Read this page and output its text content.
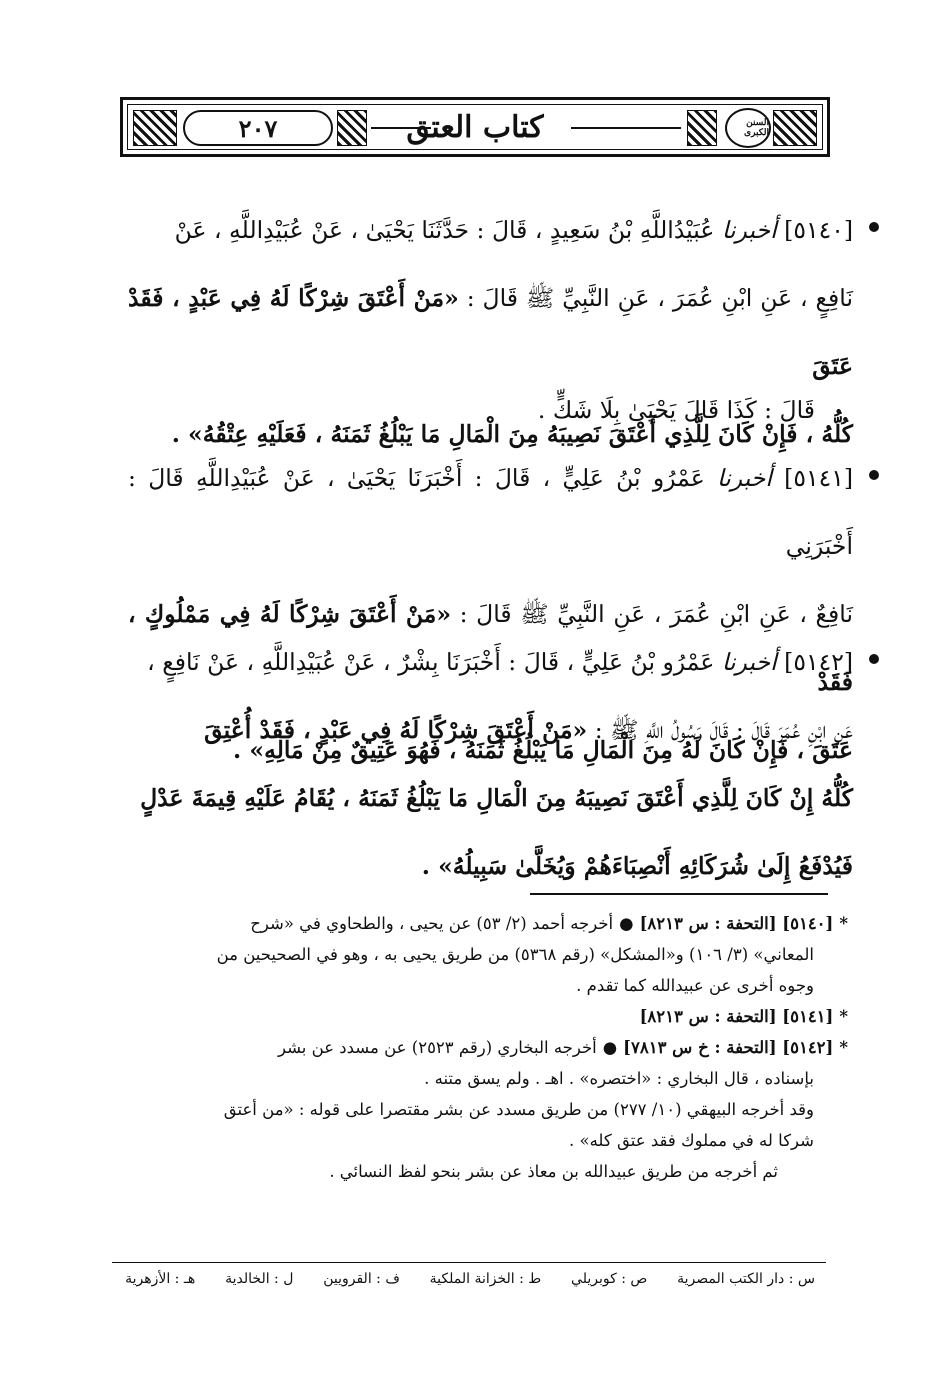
٢٠٧	كتاب العتق	السنن الكبرى
[٥١٤٠] أخبرنا عُبَيْدُاللَّهِ بْنُ سَعِيدٍ ، قَالَ : حَدَّثَنَا يَحْيَىٰ ، عَنْ عُبَيْدِاللَّهِ ، عَنْ
نَافِعٍ ، عَنِ ابْنِ عُمَرَ ، عَنِ النَّبِيِّ ﷺ قَالَ : «مَنْ أَعْتَقَ شِرْكًا لَهُ فِي عَبْدٍ ، فَقَدْ عَتَقَ
كُلُّهُ ، فَإِنْ كَانَ لِلَّذِي أَعْتَقَ نَصِيبَهُ مِنَ الْمَالِ مَا يَبْلُغُ ثَمَنَهُ ، فَعَلَيْهِ عِتْقُهُ» .
قَالَ : كَذَا قَالَ يَحْيَىٰ بِلَا شَكٍّ .
[٥١٤١] أخبرنا عَمْرُو بْنُ عَلِيٍّ ، قَالَ : أَخْبَرَنَا يَحْيَىٰ ، عَنْ عُبَيْدِاللَّهِ قَالَ : أَخْبَرَنِي
نَافِعٌ ، عَنِ ابْنِ عُمَرَ ، عَنِ النَّبِيِّ ﷺ قَالَ : «مَنْ أَعْتَقَ شِرْكًا لَهُ فِي مَمْلُوكٍ ، فَقَدْ
عَتَقَ ، فَإِنْ كَانَ لَهُ مِنَ الْمَالِ مَا يَبْلُغُ ثَمَنَهُ ، فَهُوَ عَتِيقٌ مِنْ مَالِهِ» .
[٥١٤٢] أخبرنا عَمْرُو بْنُ عَلِيٍّ ، قَالَ : أَخْبَرَنَا بِشْرٌ ، عَنْ عُبَيْدِاللَّهِ ، عَنْ نَافِعٍ ،
عَنِ ابْنِ عُمَرَ قَالَ : قَالَ رَسُولُ اللَّهِ ﷺ : «مَنْ أَعْتَقَ شِرْكًا لَهُ فِي عَبْدٍ ، فَقَدْ أُعْتِقَ
كُلُّهُ إِنْ كَانَ لِلَّذِي أَعْتَقَ نَصِيبَهُ مِنَ الْمَالِ مَا يَبْلُغُ ثَمَنَهُ ، يُقَامُ عَلَيْهِ قِيمَةَ عَدْلٍ
فَيُدْفَعُ إِلَىٰ شُرَكَائِهِ أَنْصِبَاءَهُمْ وَيُخَلَّىٰ سَبِيلُهُ» .
*[٥١٤٠] [التحفة : س ٨٢١٣]●أخرجه أحمد (٢/ ٥٣) عن يحيى ، والطحاوي في «شرح
المعاني» (٣/ ١٠٦) و«المشكل» (رقم ٥٣٦٨) من طريق يحيى به ، وهو في الصحيحين من
وجوه أخرى عن عبيدالله كما تقدم .
*[٥١٤١] [التحفة : س ٨٢١٣]
*[٥١٤٢] [التحفة : خ س ٧٨١٣]●أخرجه البخاري (رقم ٢٥٢٣) عن مسدد عن بشر
بإسناده ، قال البخاري : «اختصره» . اهـ . ولم يسق متنه .
وقد أخرجه البيهقي (١٠/ ٢٧٧) من طريق مسدد عن بشر مقتصرا على قوله : «من أعتق
شركا له في مملوك فقد عتق كله» .
ثم أخرجه من طريق عبيدالله بن معاذ عن بشر بنحو لفظ النسائي .
س : دار الكتب المصرية
ص : كوبريلي
ط : الخزانة الملكية
ف : القرويين
ل : الخالدية
هـ : الأزهرية
